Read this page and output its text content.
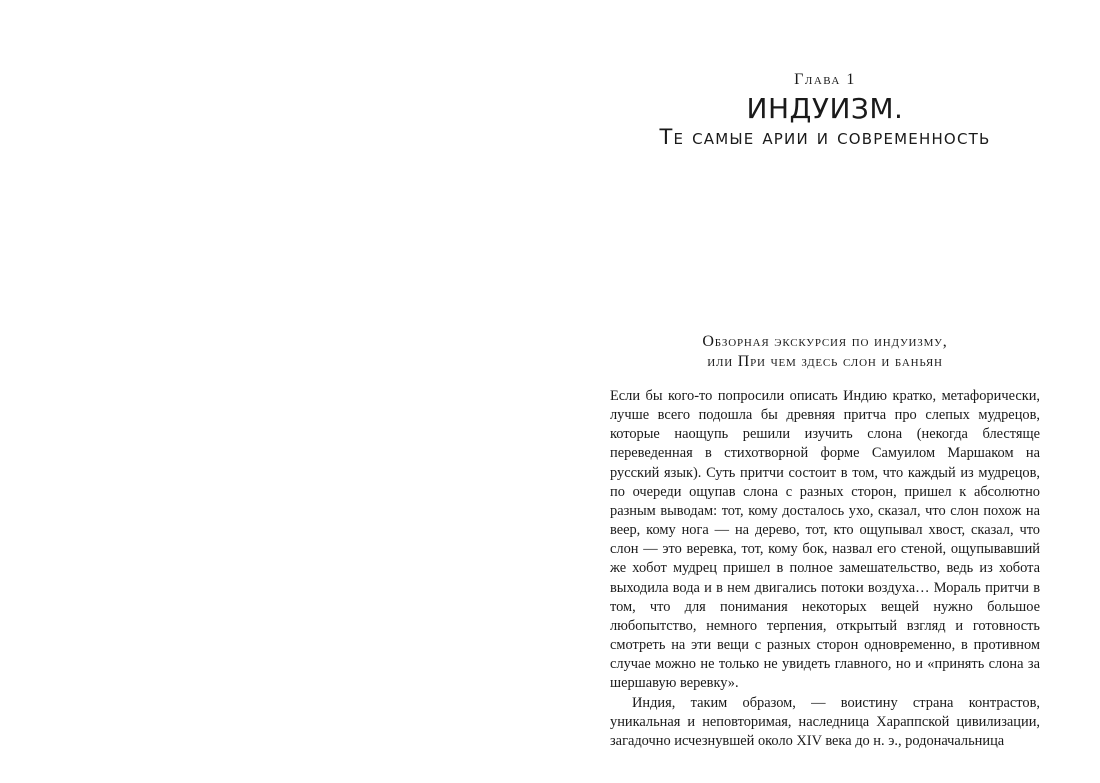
Глава 1

ИНДУИЗМ.
Те самые арии и современность
Обзорная экскурсия по индуизму,
или При чем здесь слон и баньян

Если бы кого-то попросили описать Индию кратко, метафорически, лучше всего подошла бы древняя притча про слепых мудрецов, которые наощупь решили изучить слона (некогда блестяще переведенная в стихотворной форме Самуилом Маршаком на русский язык). Суть притчи состоит в том, что каждый из мудрецов, по очереди ощупав слона с разных сторон, пришел к абсолютно разным выводам: тот, кому досталось ухо, сказал, что слон похож на веер, кому нога — на дерево, тот, кто ощупывал хвост, сказал, что слон — это веревка, тот, кому бок, назвал его стеной, ощупывавший же хобот мудрец пришел в полное замешательство, ведь из хобота выходила вода и в нем двигались потоки воздуха… Мораль притчи в том, что для понимания некоторых вещей нужно большое любопытство, немного терпения, открытый взгляд и готовность смотреть на эти вещи с разных сторон одновременно, в противном случае можно не только не увидеть главного, но и «принять слона за шершавую веревку».

Индия, таким образом, — воистину страна контрастов, уникальная и неповторимая, наследница Хараппской цивилизации, загадочно исчезнувшей около XIV века до н. э., родоначальница
